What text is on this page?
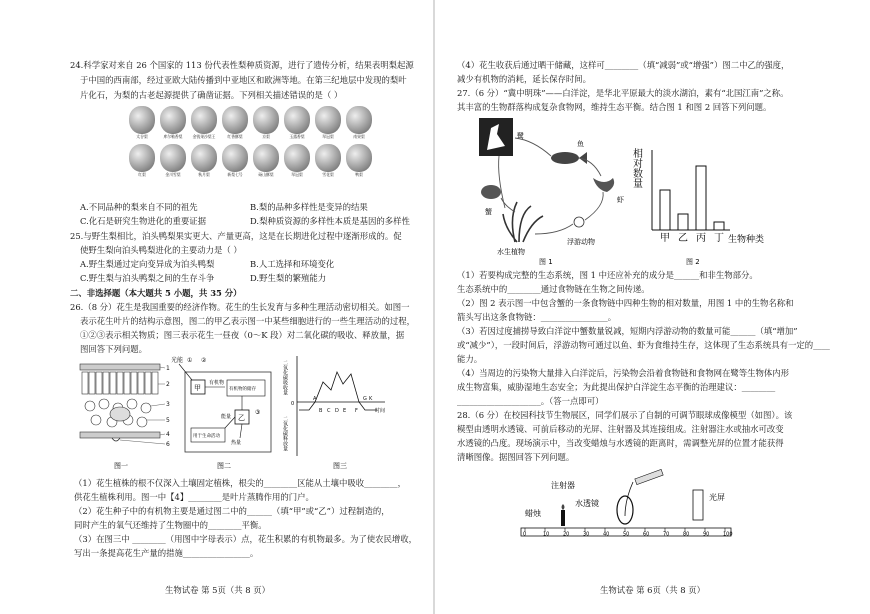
24.科学家对来自 26 个国家的 113 份代表性梨种质资源，进行了遗传分析，结果表明梨起源
于中国的西南部，经过亚欧大陆传播到中亚地区和欧洲等地。在第三纪地层中发现的梨叶
片化石，为梨的古老起源提供了确凿证据。下列相关描述错误的是（ ）
太谷梨	库尔勒香梨	金钱果沙梨王	红香酥梨	京梨	玉露香梨	翠冠梨	南果梨
红梨	金川雪梨	秋月梨	新梨七号	砀山酥梨	翠冠梨	雪花梨	鸭梨
A.不同品种的梨来自不同的祖先	B.梨的品种多样性是变异的结果
C.化石是研究生物进化的重要证据	D.梨种质资源的多样性本质是基因的多样性
25.与野生梨相比，泊头鸭梨果实更大、产量更高，这是在长期进化过程中逐渐形成的。促
使野生梨向泊头鸭梨进化的主要动力是（ ）
A.野生梨通过定向变异成为泊头鸭梨	B.人工选择和环境变化
C.野生梨与泊头鸭梨之间的生存斗争	D.野生梨的繁殖能力
二、非选择题（本大题共 5 小题，共 35 分）
26.（8 分）花生是我国重要的经济作物。花生的生长发育与多种生理活动密切相关。如图一
表示花生叶片的结构示意图，图二的甲乙表示图一中某些细胞进行的一些生理活动的过程，
①②③表示相关物质；图三表示花生一昼夜（0～K 段）对二氧化碳的吸收、释放量，据
图回答下列问题。
1
2
3
4
5
6
图一
光能 ① ②
甲
有机物
有机物的储存
乙
能量
③
用于生命活动
热量
图二
二氧化碳吸收量
二氧化碳释放量
时间
0
A
B C D E F
G K
图三
（1）花生植株的根不仅深入土壤固定植株，根尖的________区能从土壤中吸收________，
供花生植株利用。图一中【4】________是叶片蒸腾作用的门户。
（2）花生种子中的有机物主要是通过图二中的______（填“甲”或“乙”）过程制造的，
同时产生的氧气还维持了生物圈中的________平衡。
（3）在图三中 ________（用图中字母表示）点，花生积累的有机物最多。为了使农民增收，
写出一条提高花生产量的措施________________。
生物试卷 第 5页（共 8 页）
（4）花生收获后通过晒干储藏，这样可________（填“减弱”或“增强”）图二中乙的强度，
减少有机物的消耗，延长保存时间。
27.（6 分）“冀中明珠”——白洋淀，是华北平原最大的淡水湖泊，素有“北国江南”之称。
其丰富的生物群落构成复杂食物网，维持生态平衡。结合图 1 和图 2 回答下列问题。
鹭
鱼
虾
蟹
水生植物
浮游动物
图 1
相对数量
生物种类
图 2
甲 乙 丙 丁
（1）若要构成完整的生态系统，图 1 中还应补充的成分是______和非生物部分。
生态系统中的________通过食物链在生物之间传递。
（2）图 2 表示图一中包含蟹的一条食物链中四种生物的相对数量，用图 1 中的生物名称和
箭头写出这条食物链：________________。
（3）若因过度捕捞导致白洋淀中蟹数量锐减，短期内浮游动物的数量可能______（填“增加”
或“减少”），一段时间后，浮游动物可通过以鱼、虾为食维持生存，这体现了生态系统具有一定的____
能力。
（4）当周边的污染物大量排入白洋淀后，污染物会沿着食物链和食物网在鹭等生物体内形
成生物富集，威胁湿地生态安全；为此提出保护白洋淀生态平衡的治理建议：________
____________________。（答一点即可）
28.（6 分）在校园科技节生物展区，同学们展示了自制的可调节眼球成像模型（如图）。该
模型由透明水透镜、可前后移动的光屏、注射器及其连接组成。注射器注水或抽水可改变
水透镜的凸度。现场演示中，当改变蜡烛与水透镜的距离时，需调整光屏的位置才能获得
清晰图像。据图回答下列问题。
注射器
水透镜
蜡烛
光屏
0	10	20	30	40	50	60	70	80	90	100
生物试卷 第 6页（共 8 页）
